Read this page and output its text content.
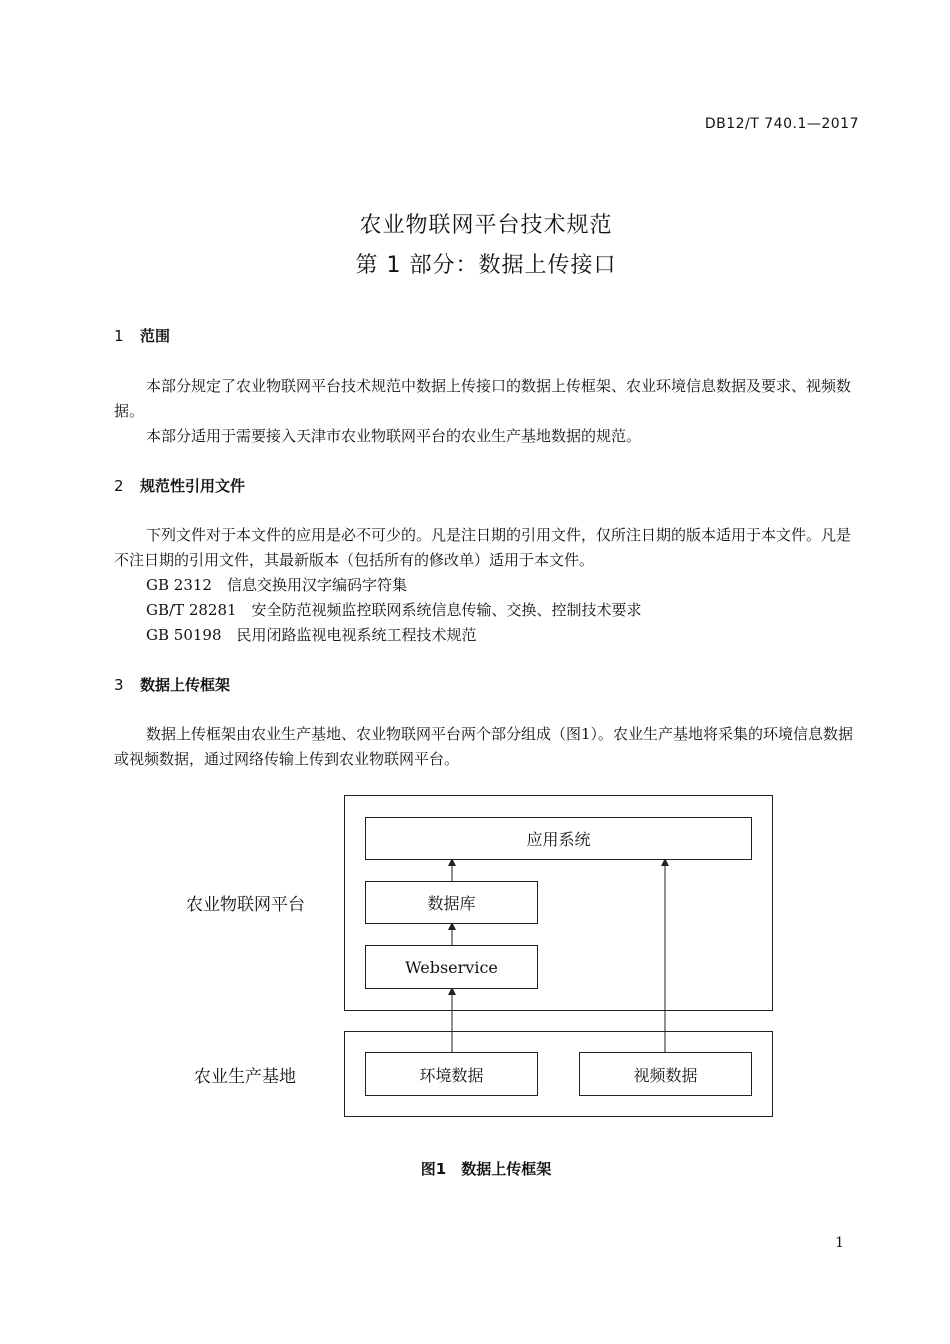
DB12/T 740.1—2017
农业物联网平台技术规范
第 1 部分：数据上传接口
1 范围
本部分规定了农业物联网平台技术规范中数据上传接口的数据上传框架、农业环境信息数据及要求、视频数据。
本部分适用于需要接入天津市农业物联网平台的农业生产基地数据的规范。
2 规范性引用文件
下列文件对于本文件的应用是必不可少的。凡是注日期的引用文件，仅所注日期的版本适用于本文件。凡是不注日期的引用文件，其最新版本（包括所有的修改单）适用于本文件。
GB 2312　信息交换用汉字编码字符集
GB/T 28281　安全防范视频监控联网系统信息传输、交换、控制技术要求
GB 50198　民用闭路监视电视系统工程技术规范
3 数据上传框架
数据上传框架由农业生产基地、农业物联网平台两个部分组成（图1）。农业生产基地将采集的环境信息数据或视频数据，通过网络传输上传到农业物联网平台。
农业物联网平台
农业生产基地
应用系统
数据库
Webservice
环境数据	视频数据
图1　数据上传框架
1
